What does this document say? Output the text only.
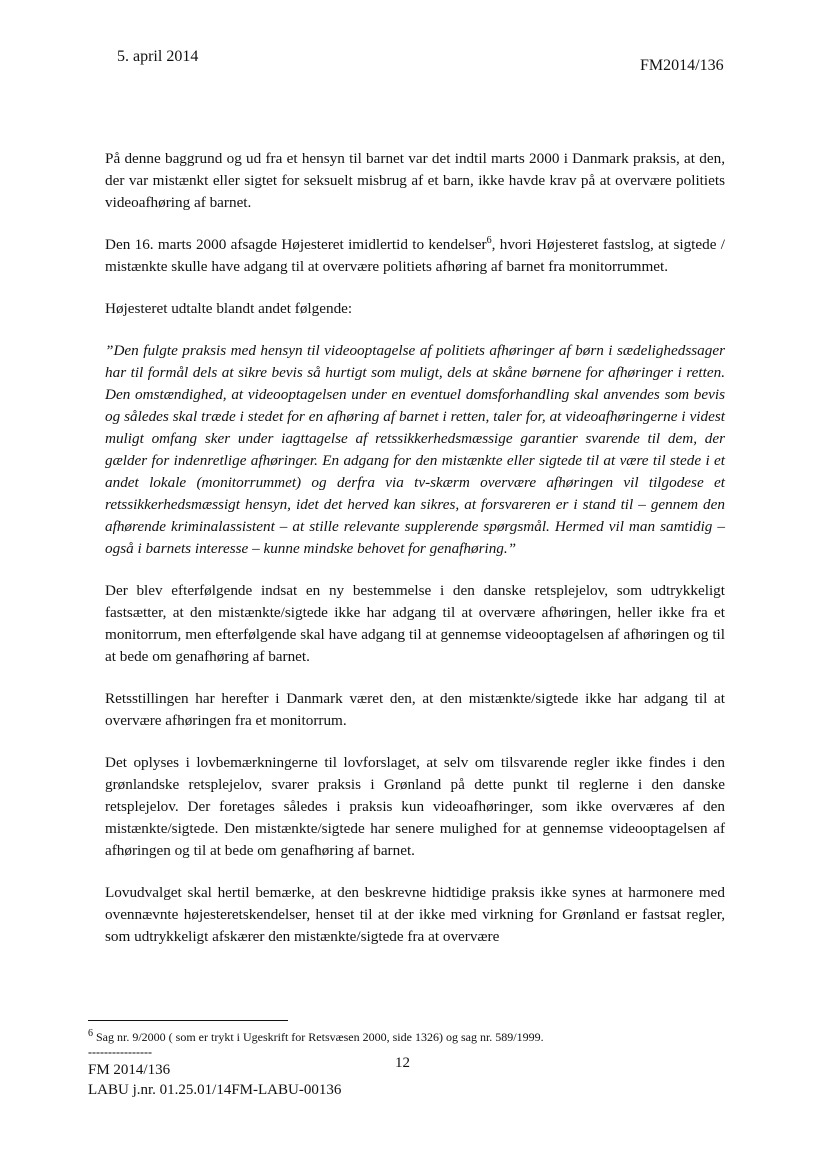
5. april 2014
FM2014/136

På denne baggrund og ud fra et hensyn til barnet var det indtil marts 2000 i Danmark praksis, at den, der var mistænkt eller sigtet for seksuelt misbrug af et barn, ikke havde krav på at overvære politiets videoafhøring af barnet.

Den 16. marts 2000 afsagde Højesteret imidlertid to kendelser$^6$, hvori Højesteret fastslog, at sigtede / mistænkte skulle have adgang til at overvære politiets afhøring af barnet fra monitorrummet.

Højesteret udtalte blandt andet følgende:

”Den fulgte praksis med hensyn til videooptagelse af politiets afhøringer af børn i sædelighedssager har til formål dels at sikre bevis så hurtigt som muligt, dels at skåne børnene for afhøringer i retten. Den omstændighed, at videooptagelsen under en eventuel domsforhandling skal anvendes som bevis og således skal træde i stedet for en afhøring af barnet i retten, taler for, at videoafhøringerne i videst muligt omfang sker under iagttagelse af retssikkerhedsmæssige garantier svarende til dem, der gælder for indenretlige afhøringer. En adgang for den mistænkte eller sigtede til at være til stede i et andet lokale (monitorrummet) og derfra via tv-skærm overvære afhøringen vil tilgodese et retssikkerhedsmæssigt hensyn, idet det herved kan sikres, at forsvareren er i stand til – gennem den afhørende kriminalassistent – at stille relevante supplerende spørgsmål. Hermed vil man samtidig – også i barnets interesse – kunne mindske behovet for genafhøring.”

Der blev efterfølgende indsat en ny bestemmelse i den danske retsplejelov, som udtrykkeligt fastsætter, at den mistænkte/sigtede ikke har adgang til at overvære afhøringen, heller ikke fra et monitorrum, men efterfølgende skal have adgang til at gennemse videooptagelsen af afhøringen og til at bede om genafhøring af barnet.

Retsstillingen har herefter i Danmark været den, at den mistænkte/sigtede ikke har adgang til at overvære afhøringen fra et monitorrum.

Det oplyses i lovbemærkningerne til lovforslaget, at selv om tilsvarende regler ikke findes i den grønlandske retsplejelov, svarer praksis i Grønland på dette punkt til reglerne i den danske retsplejelov. Der foretages således i praksis kun videoafhøringer, som ikke overværes af den mistænkte/sigtede. Den mistænkte/sigtede har senere mulighed for at gennemse videooptagelsen af afhøringen og til at bede om genafhøring af barnet.

Lovudvalget skal hertil bemærke, at den beskrevne hidtidige praksis ikke synes at harmonere med ovennævnte højesteretskendelser, henset til at der ikke med virkning for Grønland er fastsat regler, som udtrykkeligt afskærer den mistænkte/sigtede fra at overvære

$^6$ Sag nr. 9/2000 ( som er trykt i Ugeskrift for Retsvæsen 2000, side 1326) og sag nr. 589/1999.
----------------
12
FM 2014/136
LABU j.nr. 01.25.01/14FM-LABU-00136
